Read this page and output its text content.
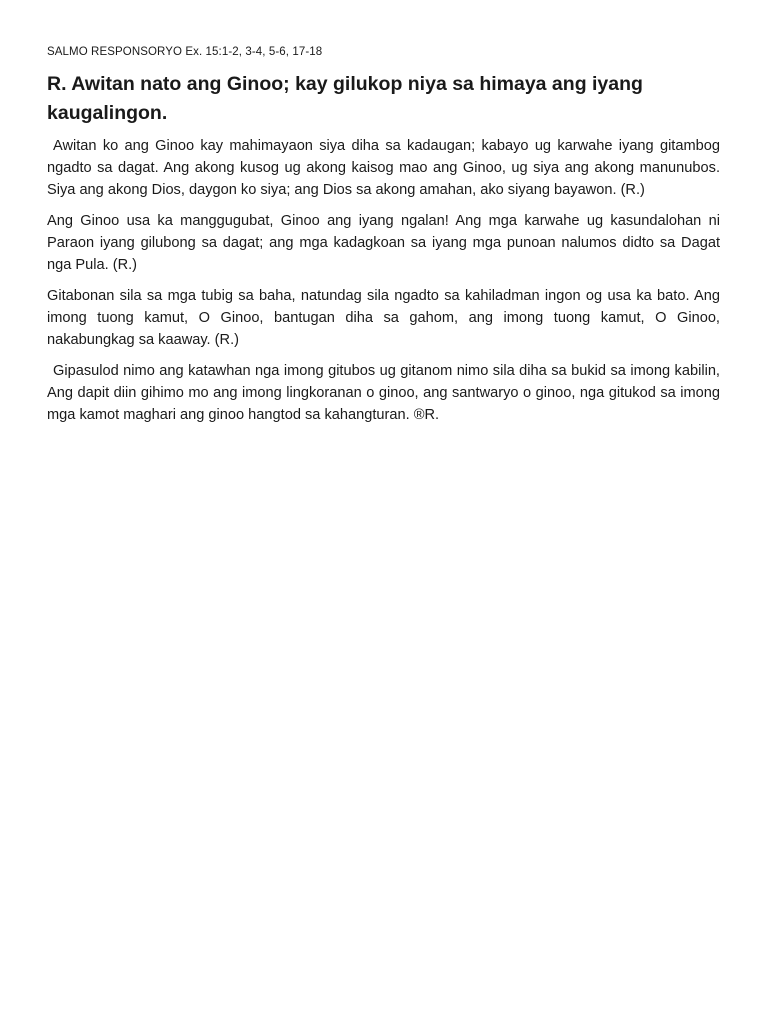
SALMO RESPONSORYO Ex. 15:1-2, 3-4, 5-6, 17-18
R. Awitan nato ang Ginoo; kay gilukop niya sa himaya ang iyang kaugalingon.

Awitan ko ang Ginoo kay mahimayaon siya diha sa kadaugan; kabayo ug karwahe iyang gitambog ngadto sa dagat. Ang akong kusog ug akong kaisog mao ang Ginoo, ug siya ang akong manunubos. Siya ang akong Dios, daygon ko siya; ang Dios sa akong amahan, ako siyang bayawon. (R.)

Ang Ginoo usa ka manggugubat, Ginoo ang iyang ngalan! Ang mga karwahe ug kasundalohan ni Paraon iyang gilubong sa dagat; ang mga kadagkoan sa iyang mga punoan nalumos didto sa Dagat nga Pula. (R.)

Gitabonan sila sa mga tubig sa baha, natundag sila ngadto sa kahiladman ingon og usa ka bato. Ang imong tuong kamut, O Ginoo, bantugan diha sa gahom, ang imong tuong kamut, O Ginoo, nakabungkag sa kaaway. (R.)

Gipasulod nimo ang katawhan nga imong gitubos ug gitanom nimo sila diha sa bukid sa imong kabilin, Ang dapit diin gihimo mo ang imong lingkoranan o ginoo, ang santwaryo o ginoo, nga gitukod sa imong mga kamot maghari ang ginoo hangtod sa kahangturan. ®R.
